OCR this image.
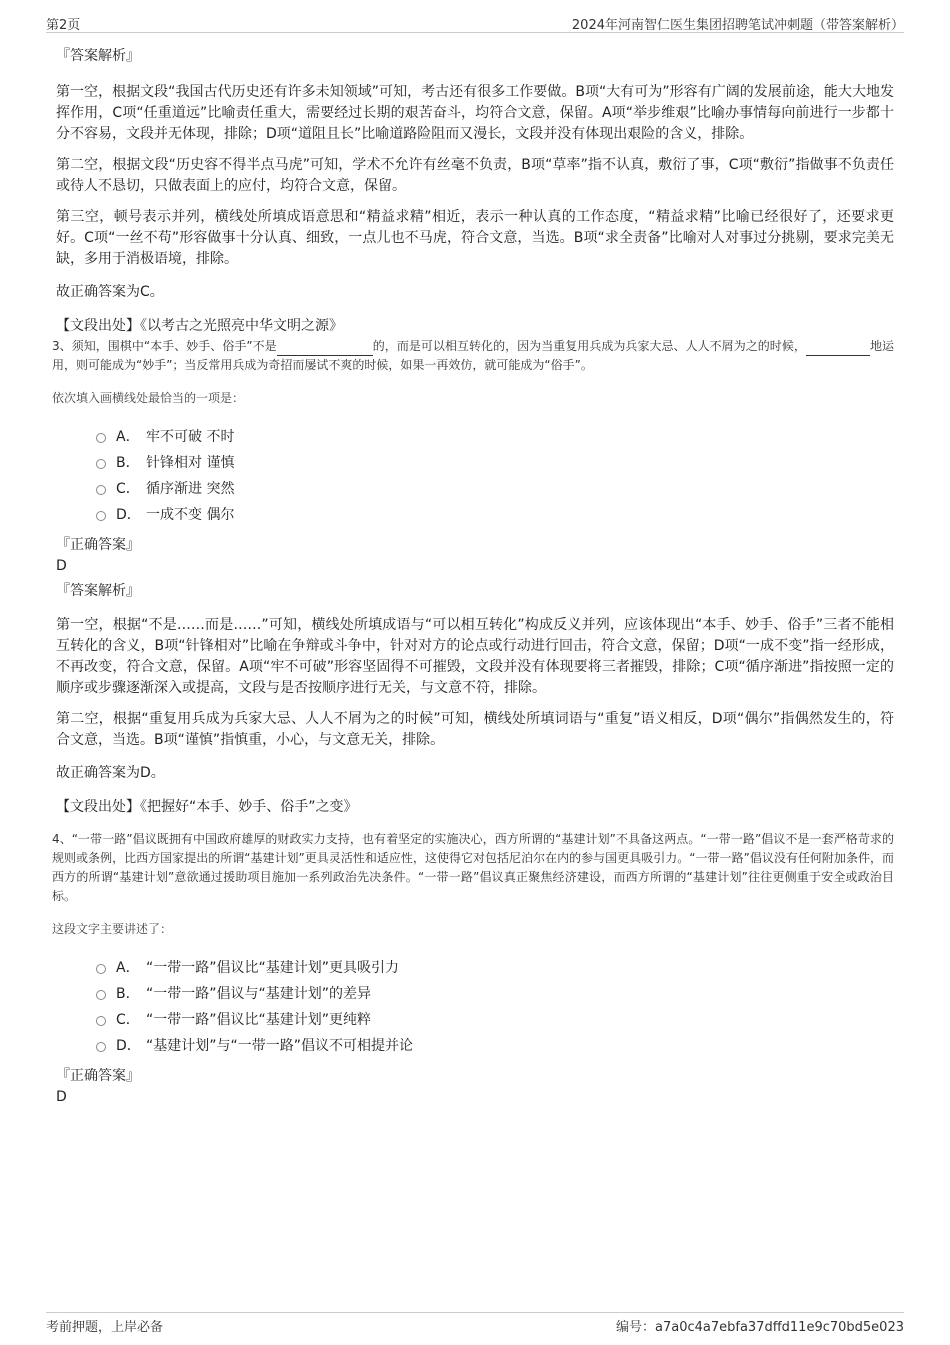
第2页	2024年河南智仁医生集团招聘笔试冲刺题（带答案解析）

『答案解析』

第一空，根据文段“我国古代历史还有许多未知领域”可知，考古还有很多工作要做。B项“大有可为”形容有广阔的发展前途，能大大地发挥作用，C项“任重道远”比喻责任重大，需要经过长期的艰苦奋斗，均符合文意，保留。A项“举步维艰”比喻办事情每向前进行一步都十分不容易，文段并无体现，排除；D项“道阻且长”比喻道路险阻而又漫长，文段并没有体现出艰险的含义，排除。

第二空，根据文段“历史容不得半点马虎”可知，学术不允许有丝毫不负责，B项“草率”指不认真，敷衍了事，C项“敷衍”指做事不负责任或待人不恳切，只做表面上的应付，均符合文意，保留。

第三空，顿号表示并列，横线处所填成语意思和“精益求精”相近，表示一种认真的工作态度，“精益求精”比喻已经很好了，还要求更好。C项“一丝不苟”形容做事十分认真、细致，一点儿也不马虎，符合文意，当选。B项“求全责备”比喻对人对事过分挑剔，要求完美无缺，多用于消极语境，排除。

故正确答案为C。

【文段出处】《以考古之光照亮中华文明之源》

3、须知，围棋中“本手、妙手、俗手”不是	的，而是可以相互转化的，因为当重复用兵成为兵家大忌、人人不屑为之的时候，	地运用，则可能成为“妙手”；当反常用兵成为奇招而屡试不爽的时候，如果一再效仿，就可能成为“俗手”。

依次填入画横线处最恰当的一项是：

A． 牢不可破 不时
B． 针锋相对 谨慎
C． 循序渐进 突然
D． 一成不变 偶尔

『正确答案』

D

『答案解析』

第一空，根据“不是……而是……”可知，横线处所填成语与“可以相互转化”构成反义并列，应该体现出“本手、妙手、俗手”三者不能相互转化的含义，B项“针锋相对”比喻在争辩或斗争中，针对对方的论点或行动进行回击，符合文意，保留；D项“一成不变”指一经形成，不再改变，符合文意，保留。A项“牢不可破”形容坚固得不可摧毁，文段并没有体现要将三者摧毁，排除；C项“循序渐进”指按照一定的顺序或步骤逐渐深入或提高，文段与是否按顺序进行无关，与文意不符，排除。

第二空，根据“重复用兵成为兵家大忌、人人不屑为之的时候”可知，横线处所填词语与“重复”语义相反，D项“偶尔”指偶然发生的，符合文意，当选。B项“谨慎”指慎重，小心，与文意无关，排除。

故正确答案为D。

【文段出处】《把握好“本手、妙手、俗手”之变》

4、“一带一路”倡议既拥有中国政府雄厚的财政实力支持，也有着坚定的实施决心，西方所谓的“基建计划”不具备这两点。“一带一路”倡议不是一套严格苛求的规则或条例，比西方国家提出的所谓“基建计划”更具灵活性和适应性，这使得它对包括尼泊尔在内的参与国更具吸引力。“一带一路”倡议没有任何附加条件，而西方的所谓“基建计划”意欲通过援助项目施加一系列政治先决条件。“一带一路”倡议真正聚焦经济建设，而西方所谓的“基建计划”往往更侧重于安全或政治目标。

这段文字主要讲述了：

A． “一带一路”倡议比“基建计划”更具吸引力
B． “一带一路”倡议与“基建计划”的差异
C． “一带一路”倡议比“基建计划”更纯粹
D． “基建计划”与“一带一路”倡议不可相提并论

『正确答案』

D

考前押题，上岸必备	编号：a7a0c4a7ebfa37dffd11e9c70bd5e023
